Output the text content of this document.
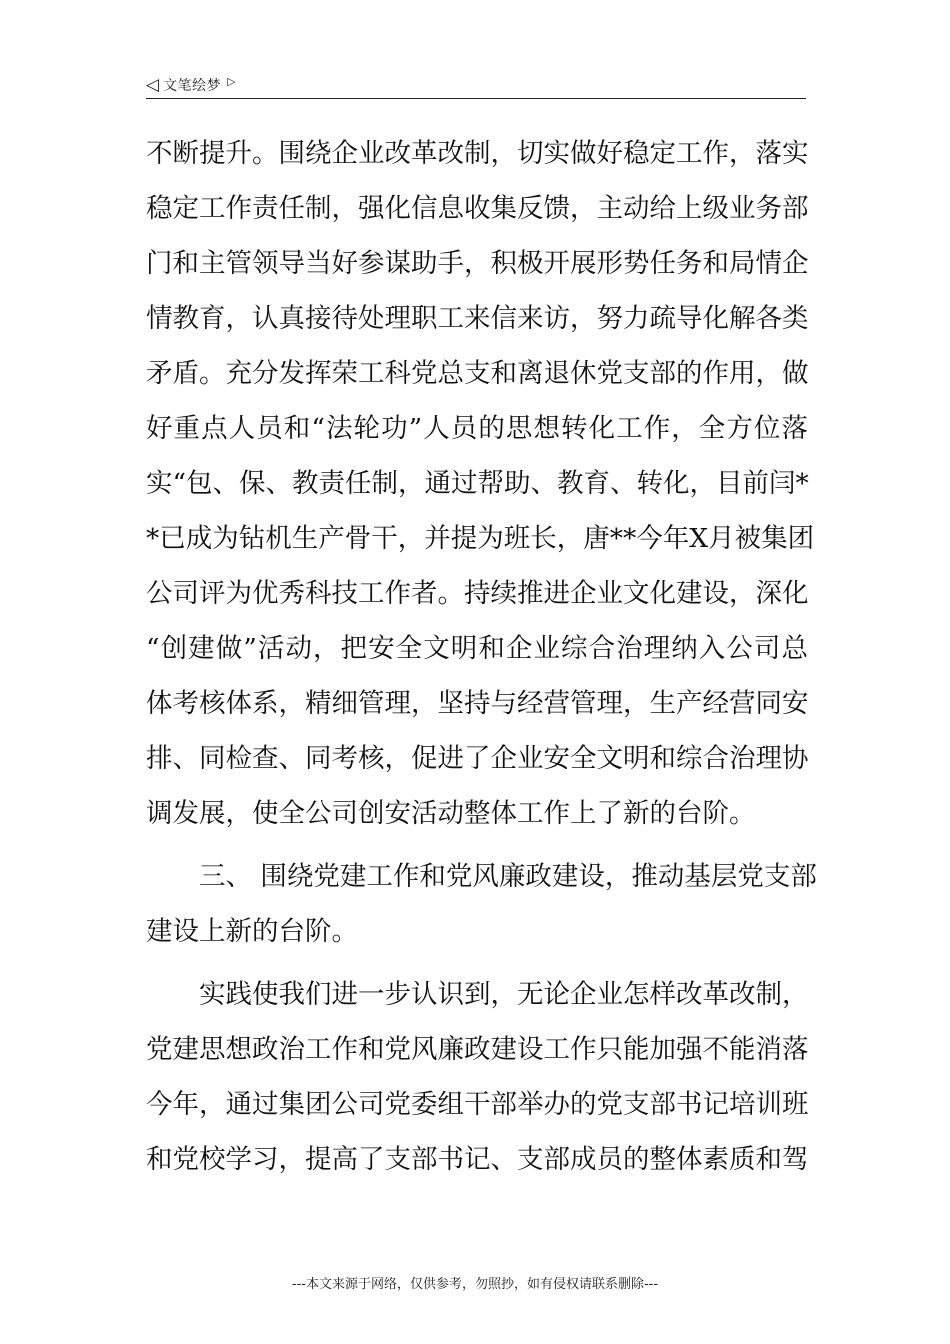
◁ 文笔绘梦 ▷
不断提升。围绕企业改革改制，切实做好稳定工作，落实
稳定工作责任制，强化信息收集反馈，主动给上级业务部
门和主管领导当好参谋助手，积极开展形势任务和局情企
情教育，认真接待处理职工来信来访，努力疏导化解各类
矛盾。充分发挥荣工科党总支和离退休党支部的作用，做
好重点人员和“法轮功”人员的思想转化工作，全方位落
实“包、保、教责任制，通过帮助、教育、转化，目前闫*
*已成为钻机生产骨干，并提为班长，唐**今年X月被集团
公司评为优秀科技工作者。持续推进企业文化建设，深化
“创建做”活动，把安全文明和企业综合治理纳入公司总
体考核体系，精细管理，坚持与经营管理，生产经营同安
排、同检查、同考核，促进了企业安全文明和综合治理协
调发展，使全公司创安活动整体工作上了新的台阶。
三、 围绕党建工作和党风廉政建设，推动基层党支部
建设上新的台阶。
实践使我们进一步认识到，无论企业怎样改革改制，
党建思想政治工作和党风廉政建设工作只能加强不能消落
今年，通过集团公司党委组干部举办的党支部书记培训班
和党校学习，提高了支部书记、支部成员的整体素质和驾
---本文来源于网络，仅供参考，勿照抄，如有侵权请联系删除---
